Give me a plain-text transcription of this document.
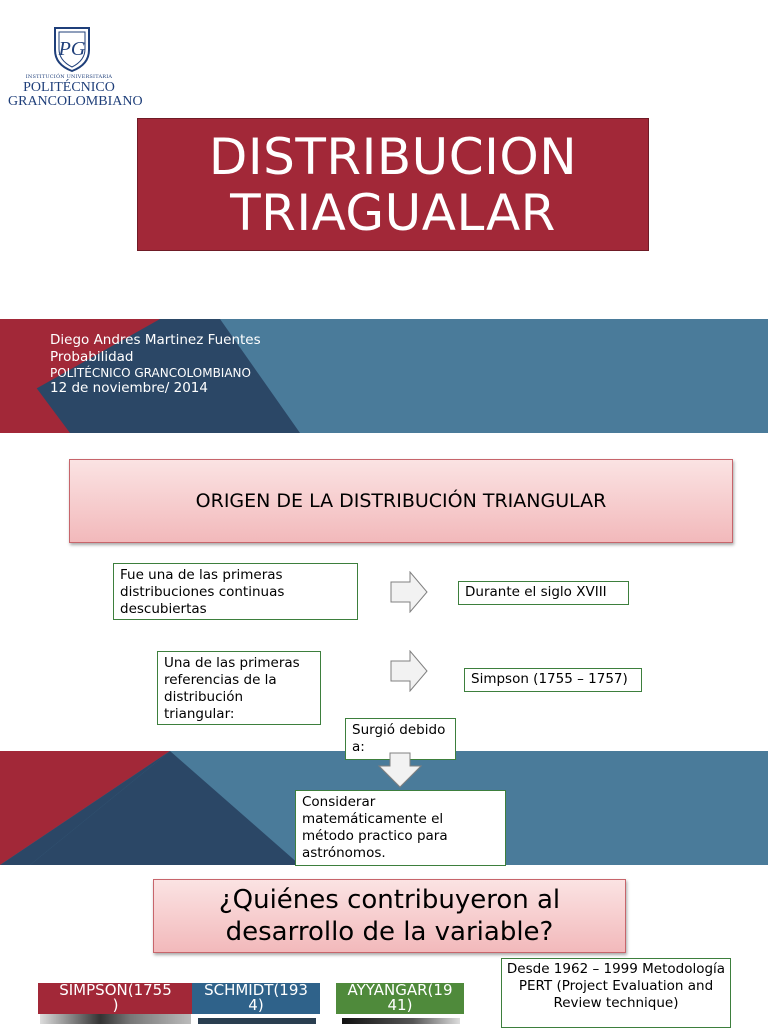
PG
INSTITUCIÓN UNIVERSITARIA
POLITÉCNICO
GRANCOLOMBIANO
DISTRIBUCION
TRIAGUALAR
Diego Andres Martinez Fuentes
Probabilidad
POLITÉCNICO GRANCOLOMBIANO
12 de noviembre/ 2014
ORIGEN DE LA DISTRIBUCIÓN TRIANGULAR
Fue una de las primeras distribuciones continuas descubiertas
Durante el siglo XVIII
Una de las primeras referencias de la distribución triangular:
Simpson (1755 – 1757)
Surgió debido a:
Considerar matemáticamente el método practico para astrónomos.
¿Quiénes contribuyeron al
desarrollo de la variable?
SIMPSON(1755
)
SCHMIDT(193
4)
AYYANGAR(19
41)
Desde 1962 – 1999 Metodología PERT (Project Evaluation and Review technique)
